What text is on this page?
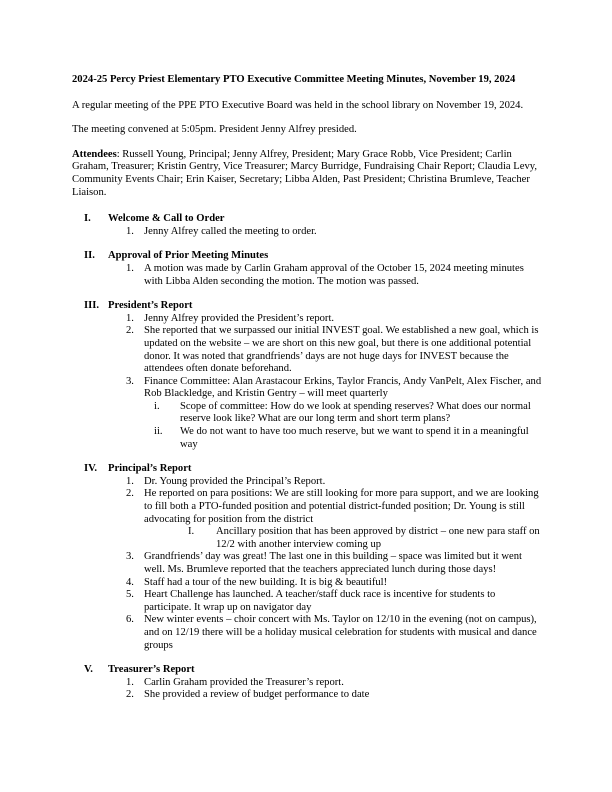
2024-25 Percy Priest Elementary PTO Executive Committee Meeting Minutes, November 19, 2024

A regular meeting of the PPE PTO Executive Board was held in the school library on November 19, 2024.

The meeting convened at 5:05pm. President Jenny Alfrey presided.

Attendees: Russell Young, Principal; Jenny Alfrey, President; Mary Grace Robb, Vice President; Carlin Graham, Treasurer; Kristin Gentry, Vice Treasurer; Marcy Burridge, Fundraising Chair Report; Claudia Levy, Community Events Chair; Erin Kaiser, Secretary; Libba Alden, Past President; Christina Brumleve, Teacher Liaison.

I.	Welcome & Call to Order
1. Jenny Alfrey called the meeting to order.
II.	Approval of Prior Meeting Minutes
1. A motion was made by Carlin Graham approval of the October 15, 2024 meeting minutes with Libba Alden seconding the motion. The motion was passed.
III. President’s Report
1. Jenny Alfrey provided the President’s report.
2. She reported that we surpassed our initial INVEST goal. We established a new goal, which is updated on the website – we are short on this new goal, but there is one additional potential donor. It was noted that grandfriends’ days are not huge days for INVEST because the attendees often donate beforehand.
3. Finance Committee: Alan Arastacour Erkins, Taylor Francis, Andy VanPelt, Alex Fischer, and Rob Blackledge, and Kristin Gentry – will meet quarterly
i.	Scope of committee: How do we look at spending reserves? What does our normal reserve look like? What are our long term and short term plans?
ii.	We do not want to have too much reserve, but we want to spend it in a meaningful way
IV.	Principal’s Report
1. Dr. Young provided the Principal’s Report.
2. He reported on para positions: We are still looking for more para support, and we are looking to fill both a PTO-funded position and potential district-funded position; Dr. Young is still advocating for position from the district
I.	Ancillary position that has been approved by district – one new para staff on 12/2 with another interview coming up
3. Grandfriends’ day was great! The last one in this building – space was limited but it went well. Ms. Brumleve reported that the teachers appreciated lunch during those days!
4. Staff had a tour of the new building. It is big & beautiful!
5. Heart Challenge has launched. A teacher/staff duck race is incentive for students to participate. It wrap up on navigator day
6. New winter events – choir concert with Ms. Taylor on 12/10 in the evening (not on campus), and on 12/19 there will be a holiday musical celebration for students with musical and dance groups
V.	Treasurer’s Report
1. Carlin Graham provided the Treasurer’s report.
2. She provided a review of budget performance to date
